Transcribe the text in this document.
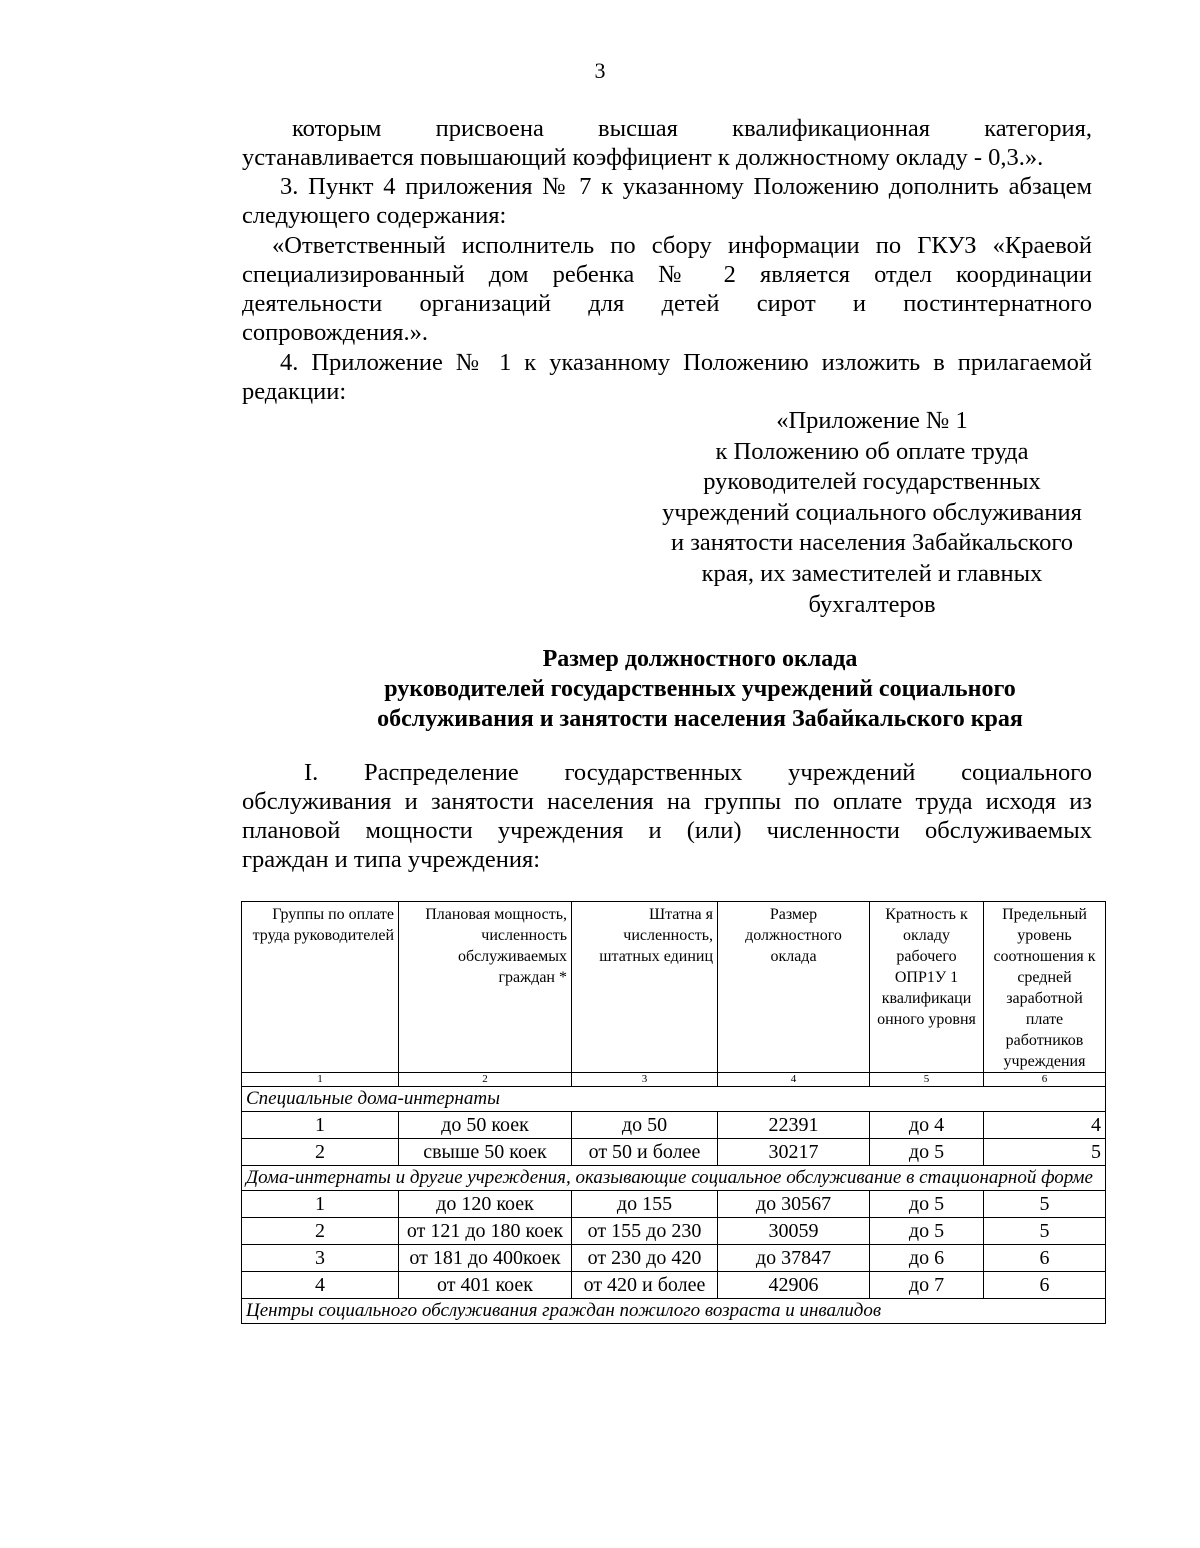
3
которым присвоена высшая квалификационная категория,
устанавливается повышающий коэффициент к должностному окладу - 0,3.».
3. Пункт 4 приложения № 7 к указанному Положению дополнить абзацем
следующего содержания:
«Ответственный исполнитель по сбору информации по ГКУЗ «Краевой
специализированный дом ребенка № 2 является отдел координации
деятельности организаций для детей сирот и постинтернатного
сопровождения.».
4. Приложение № 1 к указанному Положению изложить в прилагаемой
редакции:
«Приложение № 1
к Положению об оплате труда
руководителей государственных
учреждений социального обслуживания
и занятости населения Забайкальского
края, их заместителей и главных
бухгалтеров
Размер должностного оклада
руководителей государственных учреждений социального
обслуживания и занятости населения Забайкальского края
I. Распределение государственных учреждений социального
обслуживания и занятости населения на группы по оплате труда исходя из
плановой мощности учреждения и (или) численности обслуживаемых
граждан и типа учреждения:
Группы по оплате труда руководителей	Плановая мощность, численность обслуживаемых граждан *	Штатна я численность, штатных единиц	Размер должностного оклада	Кратность к окладу рабочего ОПР1У 1 квалификаци онного уровня	Предельный уровень соотношения к средней заработной плате работников учреждения
1	2	3	4	5	6
Специальные дома-интернаты					
1	до 50 коек	до 50	22391	до 4	4
2	свыше 50 коек	от 50 и более	30217	до 5	5
Дома-интернаты и другие учреждения, оказывающие социальное обслуживание в стационарной форме					
1	до 120 коек	до 155	до 30567	до 5	5
2	от 121 до 180 коек	от 155 до 230	30059	до 5	5
3	от 181 до 400коек	от 230 до 420	до 37847	до 6	6
4	от 401 коек	от 420 и более	42906	до 7	6
Центры социального обслуживания граждан пожилого возраста и инвалидов					
